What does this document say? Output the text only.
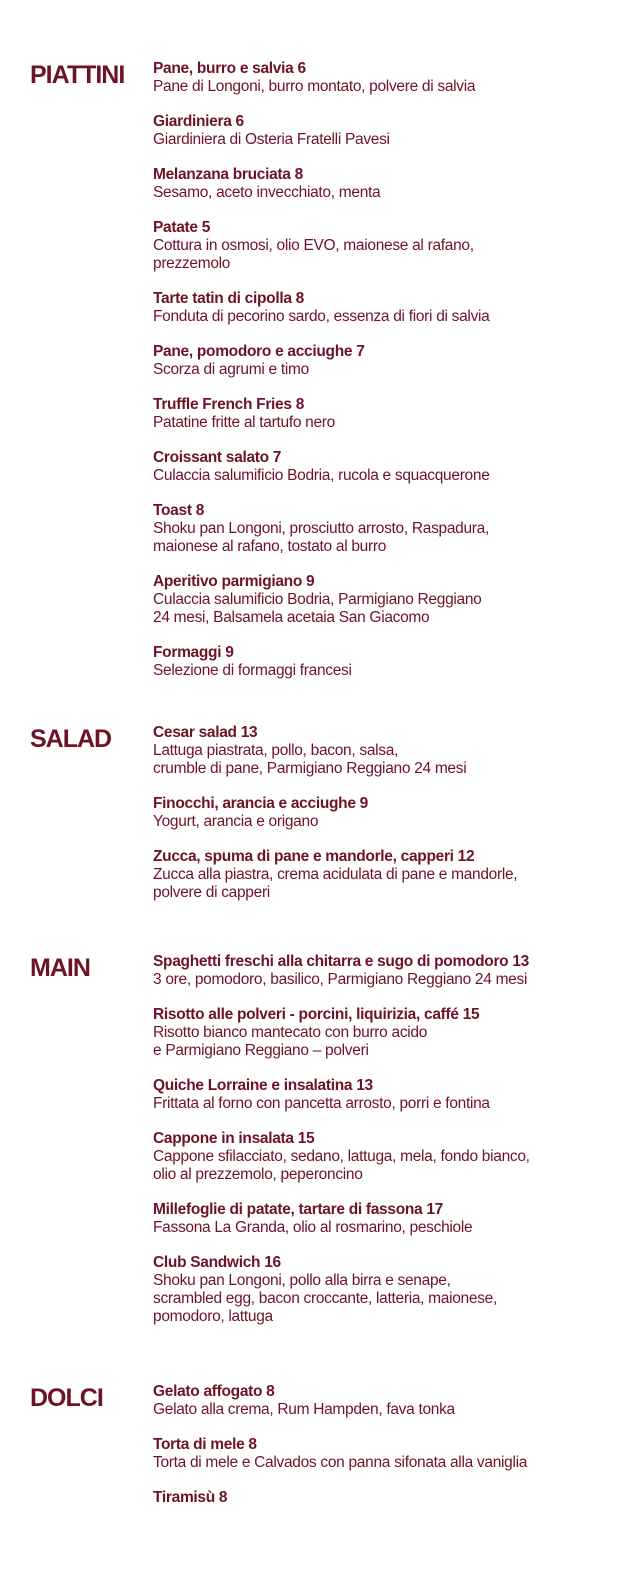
PIATTINI Pane, burro e salvia 6
Pane di Longoni, burro montato, polvere di salvia
Giardiniera 6
Giardiniera di Osteria Fratelli Pavesi
Melanzana bruciata 8
Sesamo, aceto invecchiato, menta
Patate 5
Cottura in osmosi, olio EVO, maionese al rafano,
prezzemolo
Tarte tatin di cipolla 8
Fonduta di pecorino sardo, essenza di fiori di salvia
Pane, pomodoro e acciughe 7
Scorza di agrumi e timo
Truffle French Fries 8
Patatine fritte al tartufo nero
Croissant salato 7
Culaccia salumificio Bodria, rucola e squacquerone
Toast 8
Shoku pan Longoni, prosciutto arrosto, Raspadura,
maionese al rafano, tostato al burro
Aperitivo parmigiano 9
Culaccia salumificio Bodria, Parmigiano Reggiano
24 mesi, Balsamela acetaia San Giacomo
Formaggi 9
Selezione di formaggi francesi
SALAD	Cesar salad 13
Lattuga piastrata, pollo, bacon, salsa,
crumble di pane, Parmigiano Reggiano 24 mesi
Finocchi, arancia e acciughe 9
Yogurt, arancia e origano
Zucca, spuma di pane e mandorle, capperi 12
Zucca alla piastra, crema acidulata di pane e mandorle,
polvere di capperi
MAIN	Spaghetti freschi alla chitarra e sugo di pomodoro 13
3 ore, pomodoro, basilico, Parmigiano Reggiano 24 mesi
Risotto alle polveri - porcini, liquirizia, caffé 15
Risotto bianco mantecato con burro acido
e Parmigiano Reggiano – polveri
Quiche Lorraine e insalatina 13
Frittata al forno con pancetta arrosto, porri e fontina
Cappone in insalata 15
Cappone sfilacciato, sedano, lattuga, mela, fondo bianco,
olio al prezzemolo, peperoncino
Millefoglie di patate, tartare di fassona 17
Fassona La Granda, olio al rosmarino, peschiole
Club Sandwich 16
Shoku pan Longoni, pollo alla birra e senape,
scrambled egg, bacon croccante, latteria, maionese,
pomodoro, lattuga
DOLCI	Gelato affogato 8
Gelato alla crema, Rum Hampden, fava tonka
Torta di mele 8
Torta di mele e Calvados con panna sifonata alla vaniglia
Tiramisù 8
